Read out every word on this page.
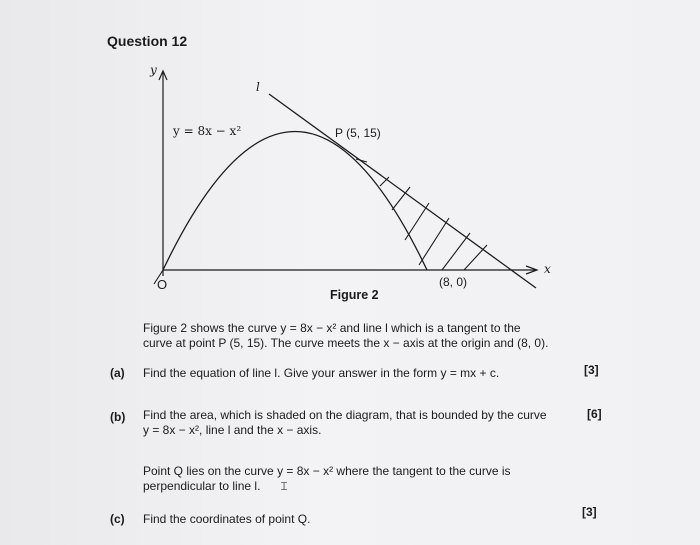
Question 12
y
x
O
y = 8x − x²
l
P (5, 15)
(8, 0)
Figure 2
Figure 2 shows the curve y = 8x − x² and line l which is a tangent to the
curve at point P (5, 15). The curve meets the x − axis at the origin and (8, 0).
(a) Find the equation of line l. Give your answer in the form y = mx + c.	[3]
(b) Find the area, which is shaded on the diagram, that is bounded by the curve
y = 8x − x², line l and the x − axis.
[6]
Point Q lies on the curve y = 8x − x² where the tangent to the curve is
perpendicular to line l.	Ɪ
(c) Find the coordinates of point Q.	[3]
